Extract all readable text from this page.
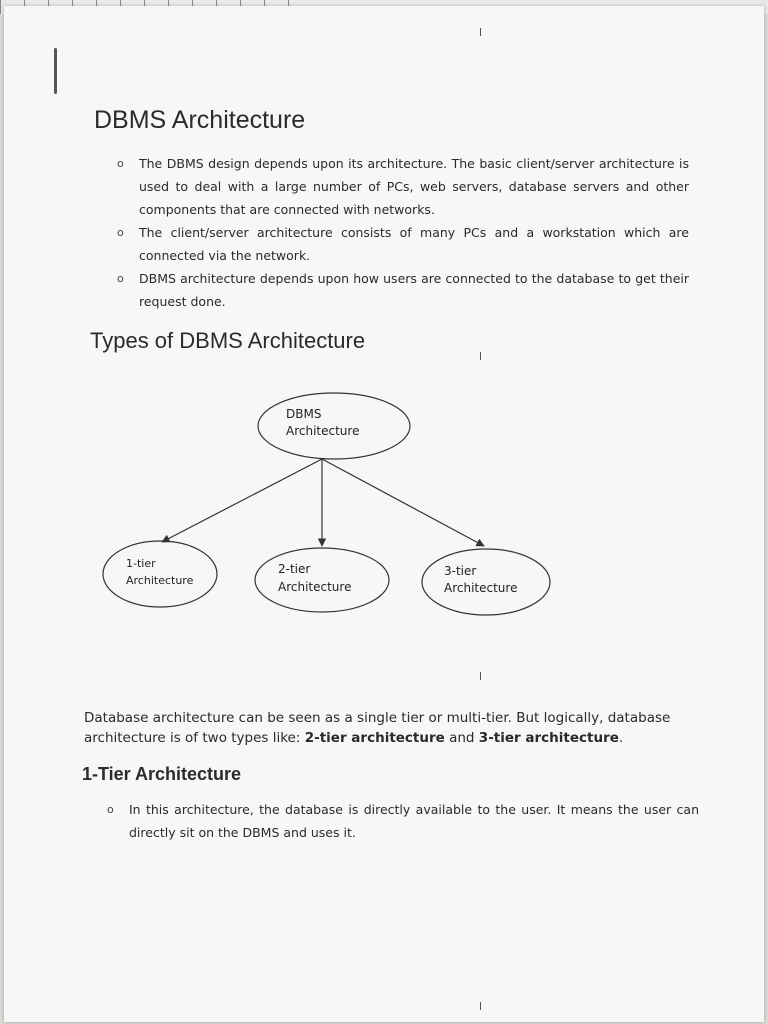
DBMS Architecture
o The DBMS design depends upon its architecture. The basic client/server architecture is used to deal with a large number of PCs, web servers, database servers and other components that are connected with networks.
o The client/server architecture consists of many PCs and a workstation which are connected via the network.
o DBMS architecture depends upon how users are connected to the database to get their request done.
Types of DBMS Architecture
DBMS
Architecture
1-tier
Architecture
2-tier
Architecture
3-tier
Architecture

Database architecture can be seen as a single tier or multi-tier. But logically, database architecture is of two types like: 2-tier architecture and 3-tier architecture.

1-Tier Architecture
o In this architecture, the database is directly available to the user. It means the user can directly sit on the DBMS and uses it.
